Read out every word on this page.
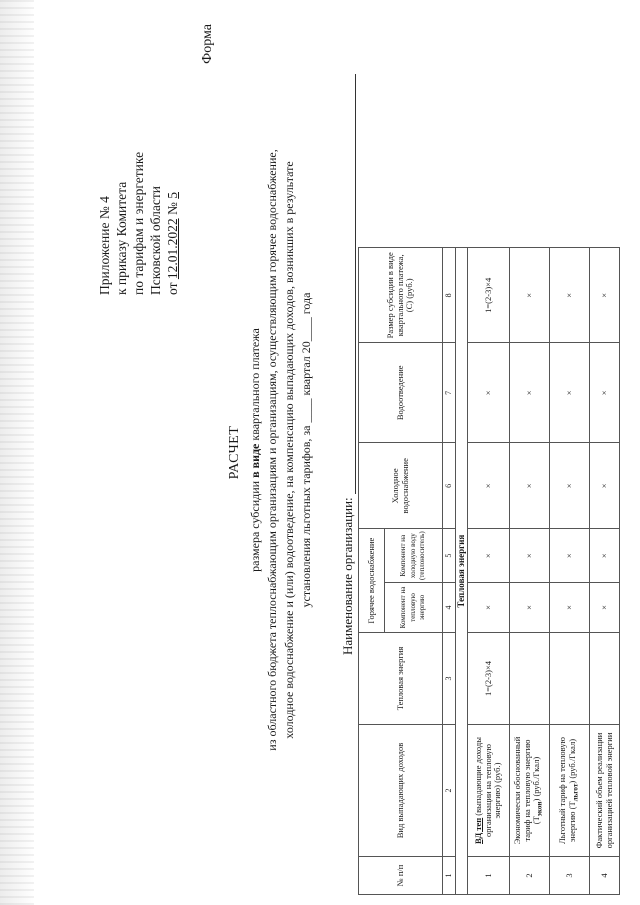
Форма
Приложение № 4 к приказу Комитета по тарифам и энергетике Псковской области от 12.01.2022 № 5
РАСЧЕТ
размера субсидии в виде квартального платежа из областного бюджета теплоснабжающим организациям и организациям, осуществляющим горячее водоснабжение, холодное водоснабжение и (или) водоотведение, на компенсацию выпадающих доходов, возникших в результате установления льготных тарифов, за ____ квартал 20____ года Наименование организации:
№ п/п	Вид выпадающих доходов	Тепловая энергия	Горячее водоснабжение		Холодное водоснабжение	Водоотведение	Размер субсидии в виде квартального платежа, (С) (руб.)
			Компонент на тепловую энергию	Компонент на холодную воду (теплоноситель)			
1	2	3	4	5	6	7	8
Тепловая энергия							
1	ВД теп (выпадающие доходы организации на тепловую энергию) (руб.)	1=(2-3)×4	×	×	×	×	1=(2-3)×4
2	Экономически обоснованный тариф на тепловую энергию $(Т_{экон})$ (руб./Гкал)		×	×	×	×	×
3	Льготный тариф на тепловую энергию $(Т_{льгот})$ (руб./Гкал)		×	×	×	×	×
4	Фактический объем реализации организацией тепловой энергии		×	×	×	×	×
